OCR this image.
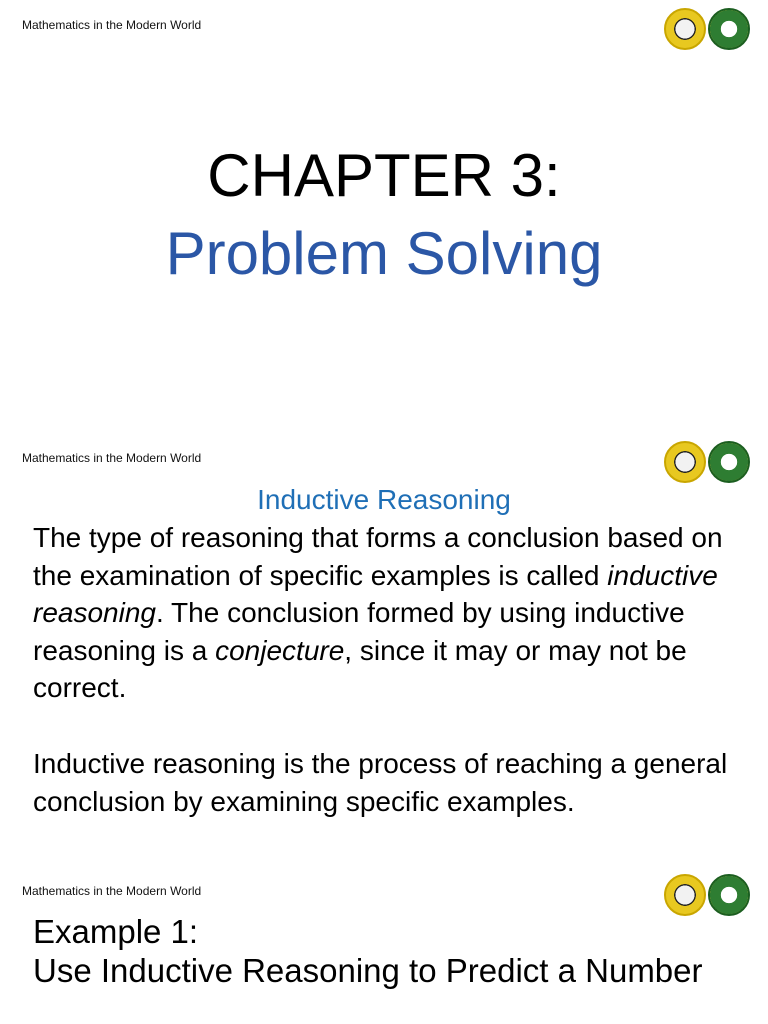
Mathematics in the Modern World
CHAPTER 3:
Problem Solving
Mathematics in the Modern World
Inductive Reasoning
The type of reasoning that forms a conclusion based on the examination of specific examples is called inductive reasoning. The conclusion formed by using inductive reasoning is a conjecture, since it may or may not be correct.
Inductive reasoning is the process of reaching a general conclusion by examining specific examples.
Mathematics in the Modern World
Example 1:
Use Inductive Reasoning to Predict a Number
